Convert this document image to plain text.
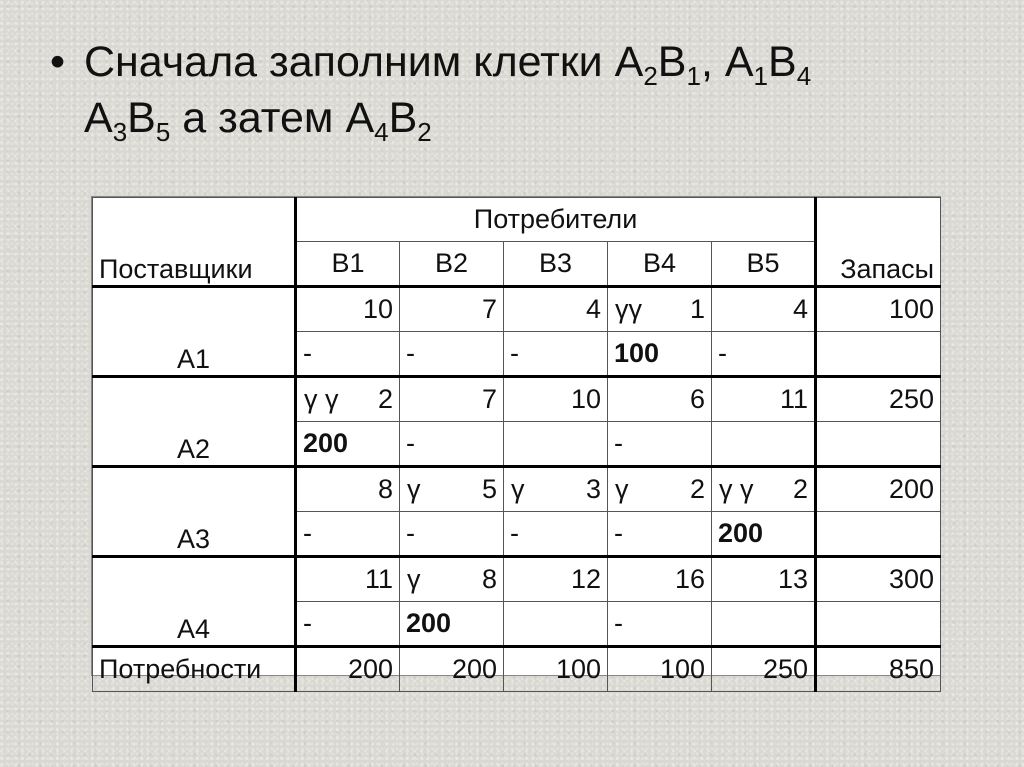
• Сначала заполним клетки $А_2В_1$, $А_1В_4$
$А_3В_5$ а затем $А_4В_2$
Поставщики	Потребители					Запасы
	В1	В2	В3	В4	В5	
А1	10	7	4	γγ 1	4	100
	-	-	-	100	-	
А2	γ γ 2	7	10	6	11	250
	200	-		-		
А3	8	γ 5	γ 3	γ 2	γ γ 2	200
	-	-	-	-	200	
А4	11	γ 8	12	16	13	300
	-	200		-		
Потребности	200	200	100	100	250	850
